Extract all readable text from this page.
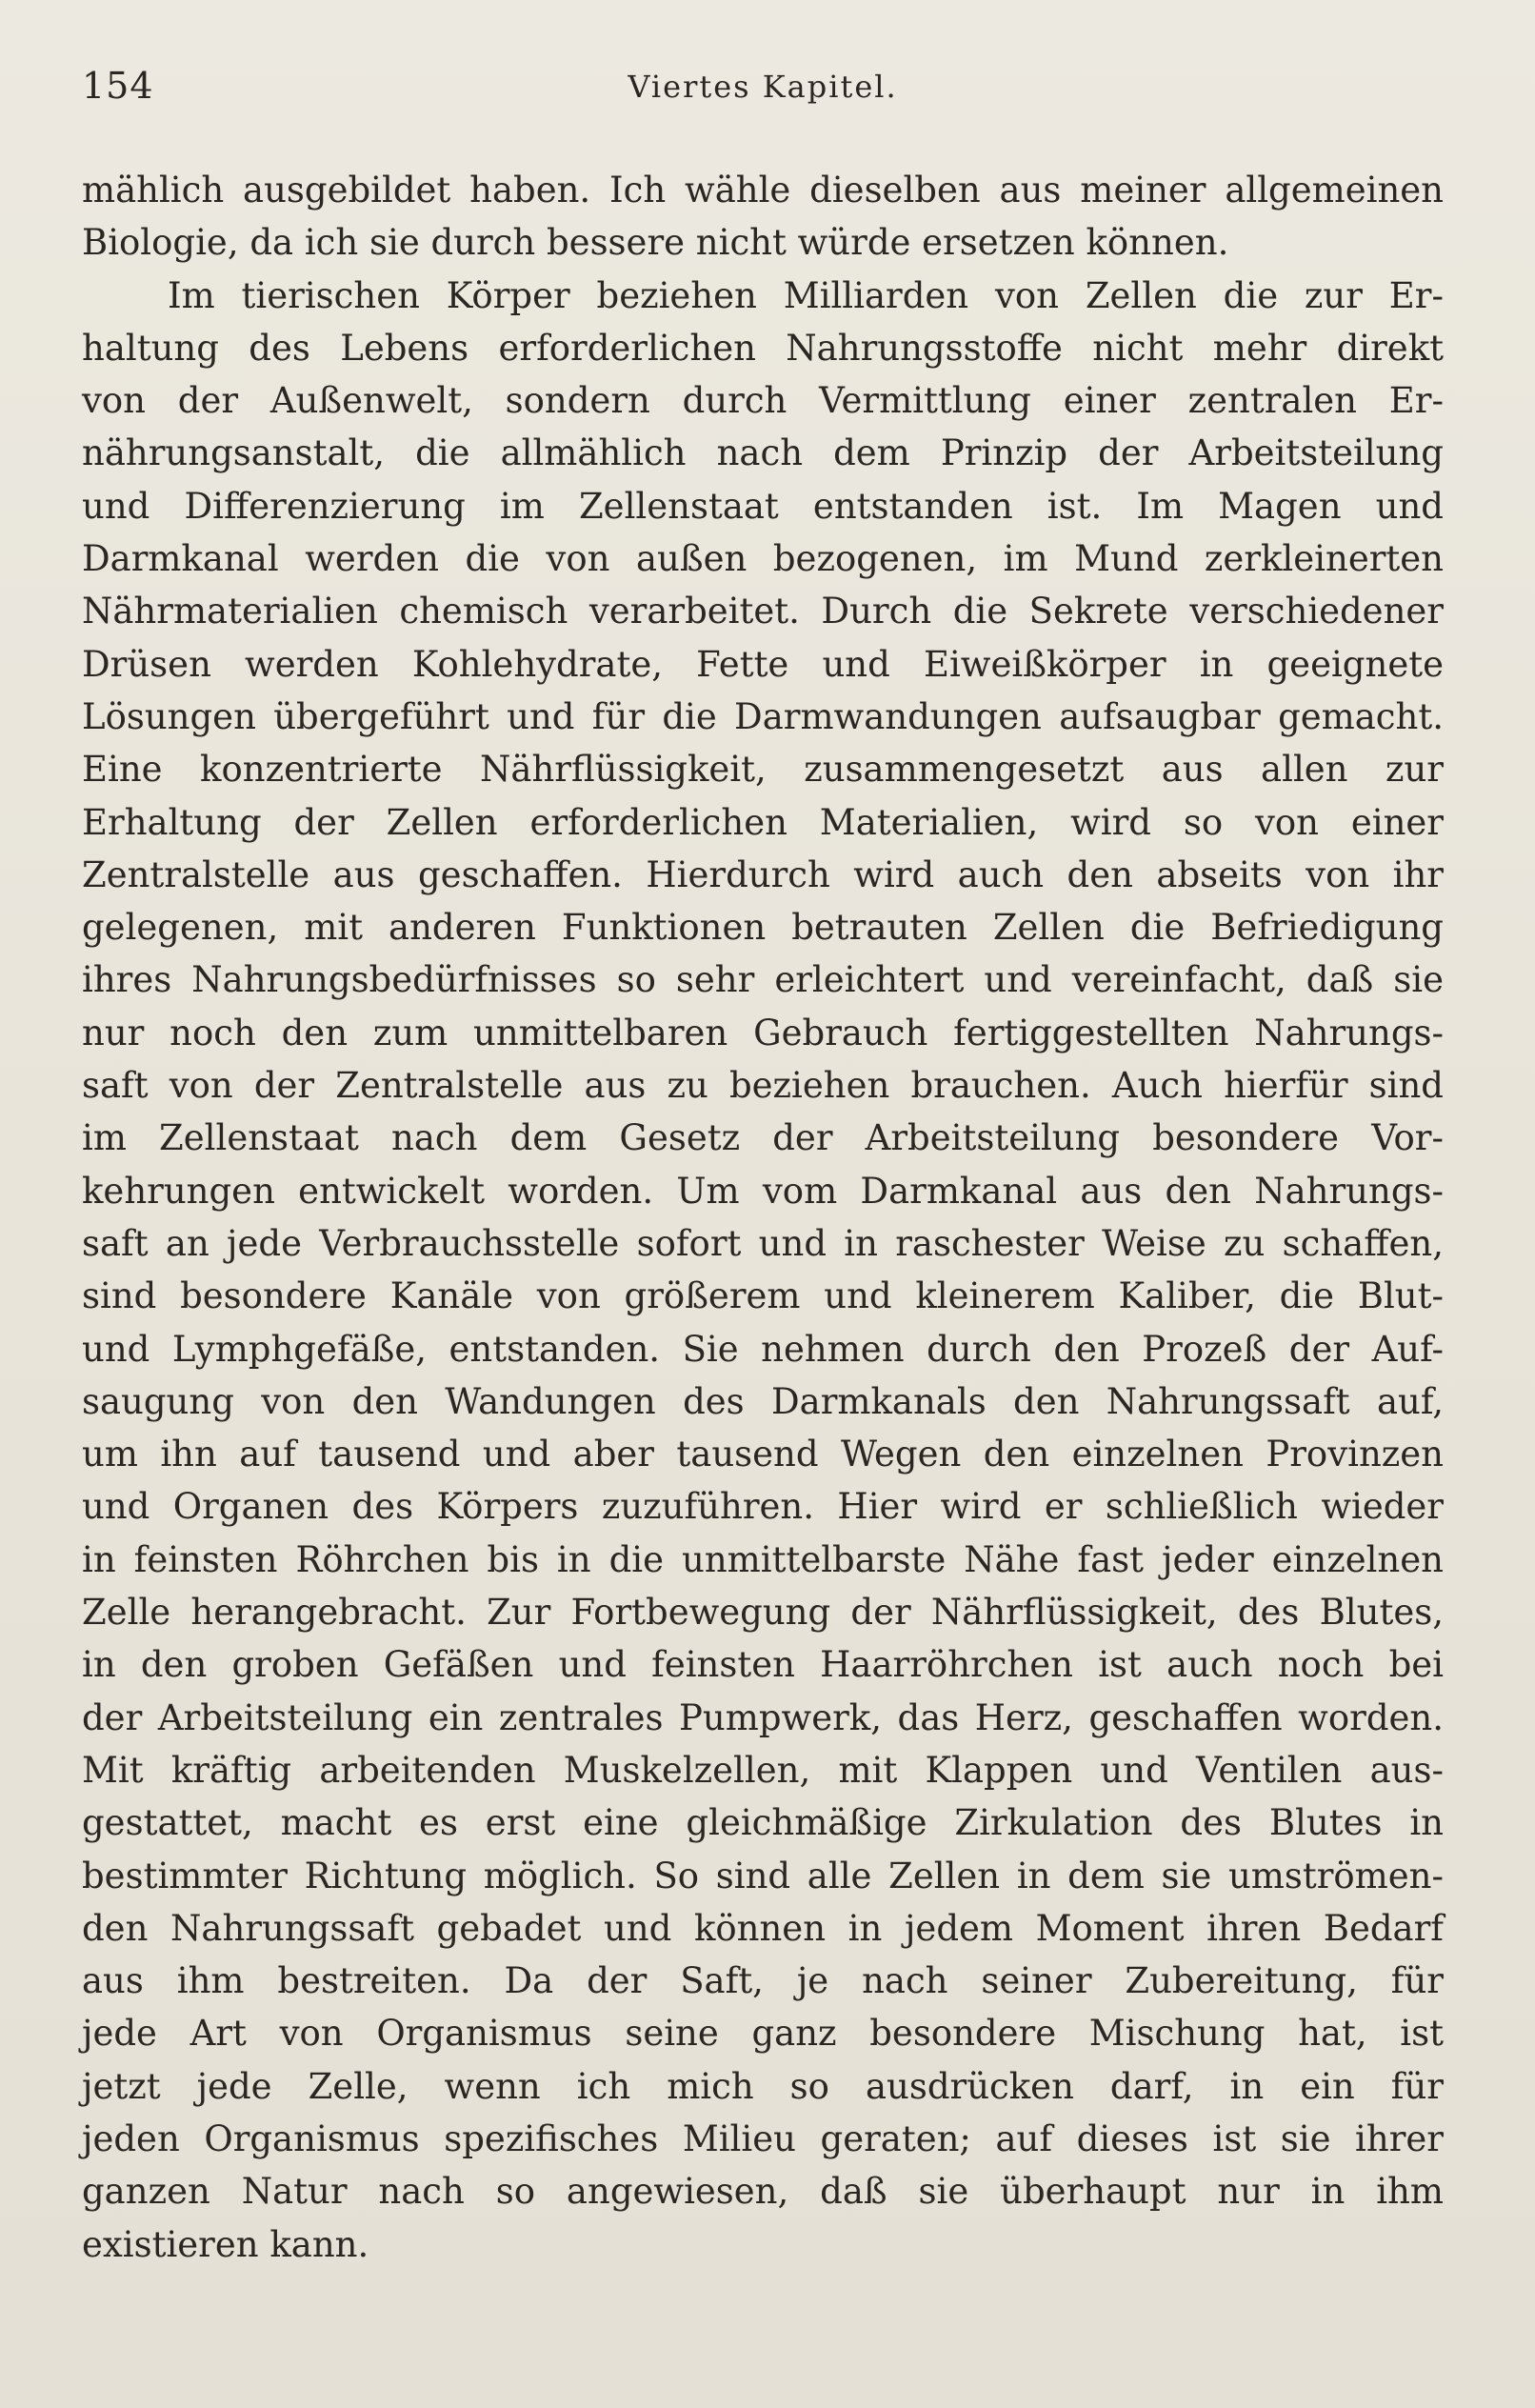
154	Viertes Kapitel.
mählich ausgebildet haben. Ich wähle dieselben aus meiner allgemeinen
Biologie, da ich sie durch bessere nicht würde ersetzen können.
Im tierischen Körper beziehen Milliarden von Zellen die zur Er-
haltung des Lebens erforderlichen Nahrungsstoffe nicht mehr direkt
von der Außenwelt, sondern durch Vermittlung einer zentralen Er-
nährungsanstalt, die allmählich nach dem Prinzip der Arbeitsteilung
und Differenzierung im Zellenstaat entstanden ist. Im Magen und
Darmkanal werden die von außen bezogenen, im Mund zerkleinerten
Nährmaterialien chemisch verarbeitet. Durch die Sekrete verschiedener
Drüsen werden Kohlehydrate, Fette und Eiweißkörper in geeignete
Lösungen übergeführt und für die Darmwandungen aufsaugbar gemacht.
Eine konzentrierte Nährflüssigkeit, zusammengesetzt aus allen zur
Erhaltung der Zellen erforderlichen Materialien, wird so von einer
Zentralstelle aus geschaffen. Hierdurch wird auch den abseits von ihr
gelegenen, mit anderen Funktionen betrauten Zellen die Befriedigung
ihres Nahrungsbedürfnisses so sehr erleichtert und vereinfacht, daß sie
nur noch den zum unmittelbaren Gebrauch fertiggestellten Nahrungs-
saft von der Zentralstelle aus zu beziehen brauchen. Auch hierfür sind
im Zellenstaat nach dem Gesetz der Arbeitsteilung besondere Vor-
kehrungen entwickelt worden. Um vom Darmkanal aus den Nahrungs-
saft an jede Verbrauchsstelle sofort und in raschester Weise zu schaffen,
sind besondere Kanäle von größerem und kleinerem Kaliber, die Blut-
und Lymphgefäße, entstanden. Sie nehmen durch den Prozeß der Auf-
saugung von den Wandungen des Darmkanals den Nahrungssaft auf,
um ihn auf tausend und aber tausend Wegen den einzelnen Provinzen
und Organen des Körpers zuzuführen. Hier wird er schließlich wieder
in feinsten Röhrchen bis in die unmittelbarste Nähe fast jeder einzelnen
Zelle herangebracht. Zur Fortbewegung der Nährflüssigkeit, des Blutes,
in den groben Gefäßen und feinsten Haarröhrchen ist auch noch bei
der Arbeitsteilung ein zentrales Pumpwerk, das Herz, geschaffen worden.
Mit kräftig arbeitenden Muskelzellen, mit Klappen und Ventilen aus-
gestattet, macht es erst eine gleichmäßige Zirkulation des Blutes in
bestimmter Richtung möglich. So sind alle Zellen in dem sie umströmen-
den Nahrungssaft gebadet und können in jedem Moment ihren Bedarf
aus ihm bestreiten. Da der Saft, je nach seiner Zubereitung, für
jede Art von Organismus seine ganz besondere Mischung hat, ist
jetzt jede Zelle, wenn ich mich so ausdrücken darf, in ein für
jeden Organismus spezifisches Milieu geraten; auf dieses ist sie ihrer
ganzen Natur nach so angewiesen, daß sie überhaupt nur in ihm
existieren kann.
